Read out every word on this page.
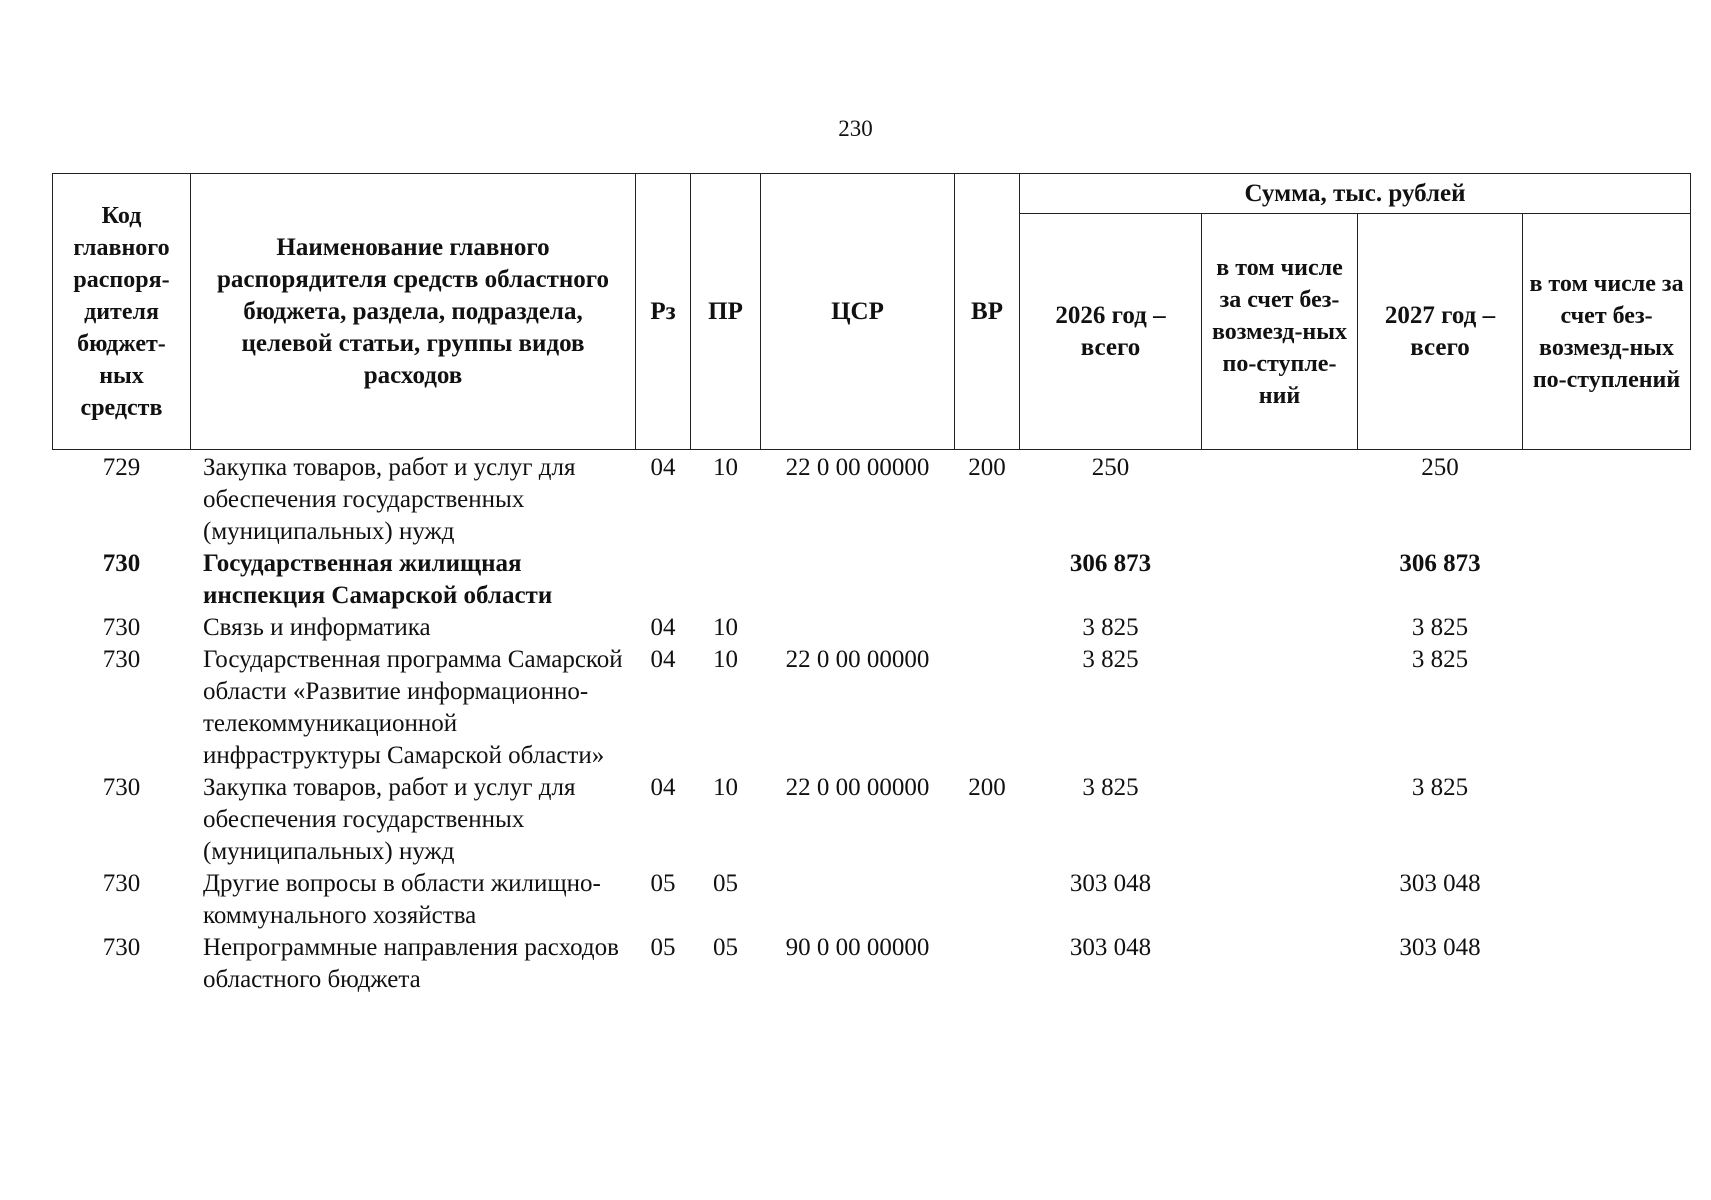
230
Код главного распоря-дителя бюджет-ных средств	Наименование главного распорядителя средств областного бюджета, раздела, подраздела, целевой статьи, группы видов расходов	Рз	ПР	ЦСР	ВР	Сумма, тыс. рублей			
						2026 год – всего	в том числе за счет без-возмезд-ных по-ступле-ний	2027 год – всего	в том числе за счет без-возмезд-ных по-ступлений
729	Закупка товаров, работ и услуг для обеспечения государственных (муниципальных) нужд	04	10	22 0 00 00000	200	250		250	
730	Государственная жилищная инспекция Самарской области					306 873		306 873	
730	Связь и информатика	04	10			3 825		3 825	
730	Государственная программа Самарской области «Развитие информационно-телекоммуникационной инфраструктуры Самарской области»	04	10	22 0 00 00000		3 825		3 825	
730	Закупка товаров, работ и услуг для обеспечения государственных (муниципальных) нужд	04	10	22 0 00 00000	200	3 825		3 825	
730	Другие вопросы в области жилищно-коммунального хозяйства	05	05			303 048		303 048	
730	Непрограммные направления расходов областного бюджета	05	05	90 0 00 00000		303 048		303 048	
